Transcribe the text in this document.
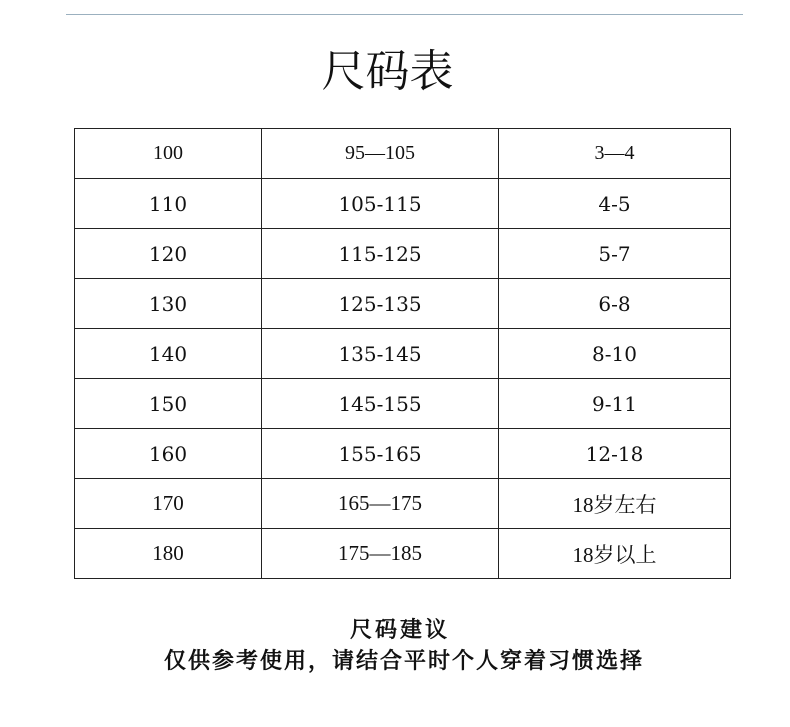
尺码表
100	95—105	3—4
110	105-115	4-5
120	115-125	5-7
130	125-135	6-8
140	135-145	8-10
150	145-155	9-11
160	155-165	12-18
170	165—175	18岁左右
180	175—185	18岁以上
尺码建议
仅供参考使用，请结合平时个人穿着习惯选择
